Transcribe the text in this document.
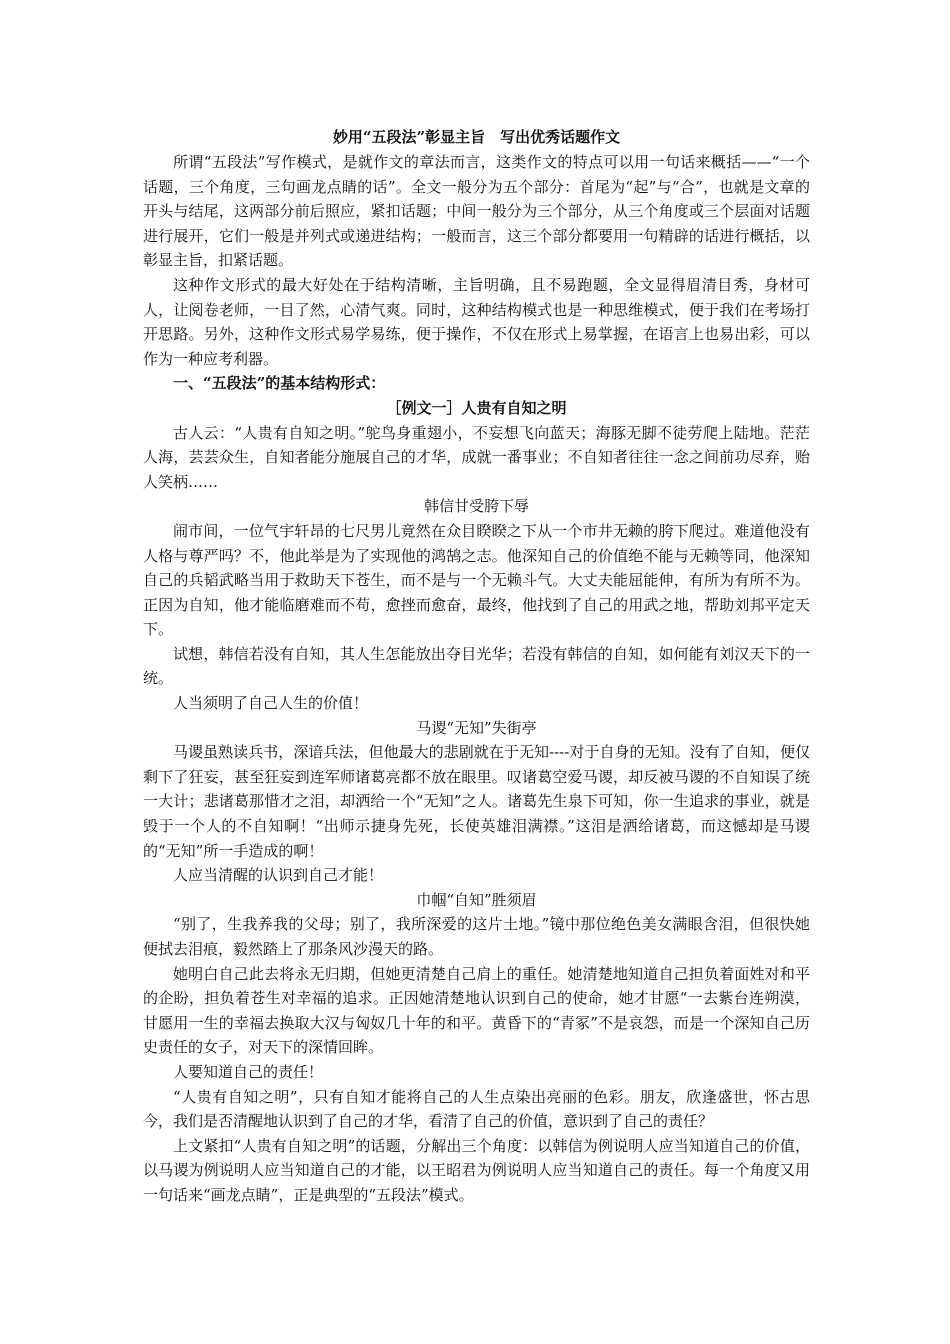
妙用“五段法”彰显主旨　写出优秀话题作文

所谓“五段法”写作模式，是就作文的章法而言，这类作文的特点可以用一句话来概括——“一个话题，三个角度，三句画龙点睛的话”。全文一般分为五个部分：首尾为“起”与“合”，也就是文章的开头与结尾，这两部分前后照应，紧扣话题；中间一般分为三个部分，从三个角度或三个层面对话题进行展开，它们一般是并列式或递进结构；一般而言，这三个部分都要用一句精辟的话进行概括，以彰显主旨，扣紧话题。

这种作文形式的最大好处在于结构清晰，主旨明确，且不易跑题，全文显得眉清目秀，身材可人，让阅卷老师，一目了然，心清气爽。同时，这种结构模式也是一种思维模式，便于我们在考场打开思路。另外，这种作文形式易学易练，便于操作，不仅在形式上易掌握，在语言上也易出彩，可以作为一种应考利器。

一、“五段法”的基本结构形式：

［例文一］人贵有自知之明

古人云：“人贵有自知之明。”鸵鸟身重翅小，不妄想飞向蓝天；海豚无脚不徒劳爬上陆地。茫茫人海，芸芸众生，自知者能分施展自己的才华，成就一番事业；不自知者往往一念之间前功尽弃，贻人笑柄……

韩信甘受胯下辱

闹市间，一位气宇轩昂的七尺男儿竟然在众目睽睽之下从一个市井无赖的胯下爬过。难道他没有人格与尊严吗？不，他此举是为了实现他的鸿鹄之志。他深知自己的价值绝不能与无赖等同，他深知自己的兵韬武略当用于救助天下苍生，而不是与一个无赖斗气。大丈夫能屈能伸，有所为有所不为。正因为自知，他才能临磨难而不苟，愈挫而愈奋，最终，他找到了自己的用武之地，帮助刘邦平定天下。

试想，韩信若没有自知，其人生怎能放出夺目光华；若没有韩信的自知，如何能有刘汉天下的一统。

人当须明了自己人生的价值！

马谡“无知”失街亭

马谡虽熟读兵书，深谙兵法，但他最大的悲剧就在于无知----对于自身的无知。没有了自知，便仅剩下了狂妄，甚至狂妄到连军师诸葛亮都不放在眼里。叹诸葛空爱马谡，却反被马谡的不自知误了统一大计；悲诸葛那惜才之泪，却洒给一个“无知”之人。诸葛先生泉下可知，你一生追求的事业，就是毁于一个人的不自知啊！“出师示捷身先死，长使英雄泪满襟。”这泪是洒给诸葛，而这憾却是马谡的“无知”所一手造成的啊！

人应当清醒的认识到自己才能！

巾帼“自知”胜须眉

“别了，生我养我的父母；别了，我所深爱的这片土地。”镜中那位绝色美女满眼含泪，但很快她便拭去泪痕，毅然踏上了那条风沙漫天的路。

她明白自己此去将永无归期，但她更清楚自己肩上的重任。她清楚地知道自己担负着面姓对和平的企盼，担负着苍生对幸福的追求。正因她清楚地认识到自己的使命，她才甘愿“一去紫台连朔漠，甘愿用一生的幸福去换取大汉与匈奴几十年的和平。黄昏下的“青冢”不是哀怨，而是一个深知自己历史责任的女子，对天下的深情回眸。

人要知道自己的责任！

“人贵有自知之明”，只有自知才能将自己的人生点染出亮丽的色彩。朋友，欣逢盛世，怀古思今，我们是否清醒地认识到了自己的才华，看清了自己的价值，意识到了自己的责任？

上文紧扣“人贵有自知之明”的话题，分解出三个角度：以韩信为例说明人应当知道自己的价值，以马谡为例说明人应当知道自己的才能，以王昭君为例说明人应当知道自己的责任。每一个角度又用一句话来“画龙点睛”，正是典型的“五段法”模式。
